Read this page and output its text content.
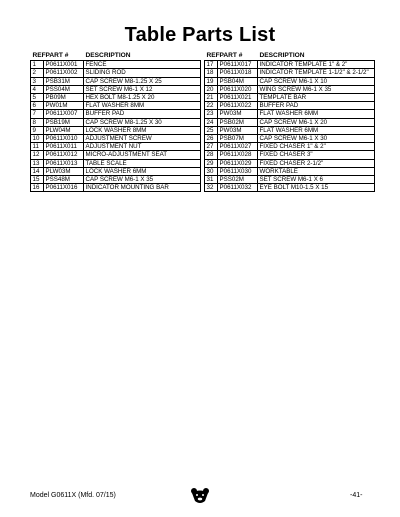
Table Parts List
REF	PART #	DESCRIPTION
1	P0611X001	FENCE
2	P0611X002	SLIDING ROD
3	PSB31M	CAP SCREW M8-1.25 X 25
4	PSS04M	SET SCREW M6-1 X 12
5	PB09M	HEX BOLT M8-1.25 X 20
6	PW01M	FLAT WASHER 8MM
7	P0611X007	BUFFER PAD
8	PSB19M	CAP SCREW M8-1.25 X 30
9	PLW04M	LOCK WASHER 8MM
10	P0611X010	ADJUSTMENT SCREW
11	P0611X011	ADJUSTMENT NUT
12	P0611X012	MICRO-ADJUSTMENT SEAT
13	P0611X013	TABLE SCALE
14	PLW03M	LOCK WASHER 6MM
15	PSS48M	CAP SCREW M6-1 X 35
16	P0611X016	INDICATOR MOUNTING BAR
REF	PART #	DESCRIPTION
17	P0611X017	INDICATOR TEMPLATE 1" & 2"
18	P0611X018	INDICATOR TEMPLATE 1-1/2" & 2-1/2"
19	PSB04M	CAP SCREW M6-1 X 10
20	P0611X020	WING SCREW M6-1 X 35
21	P0611X021	TEMPLATE BAR
22	P0611X022	BUFFER PAD
23	PW03M	FLAT WASHER 6MM
24	PSB02M	CAP SCREW M6-1 X 20
25	PW03M	FLAT WASHER 6MM
26	PSB07M	CAP SCREW M6-1 X 30
27	P0611X027	FIXED CHASER 1" & 2"
28	P0611X028	FIXED CHASER 3"
29	P0611X029	FIXED CHASER 2-1/2"
30	P0611X030	WORKTABLE
31	PSS02M	SET SCREW M6-1 X 6
32	P0611X032	EYE BOLT M10-1.5 X 15
Model G0611X (Mfd. 07/15)	-41-
